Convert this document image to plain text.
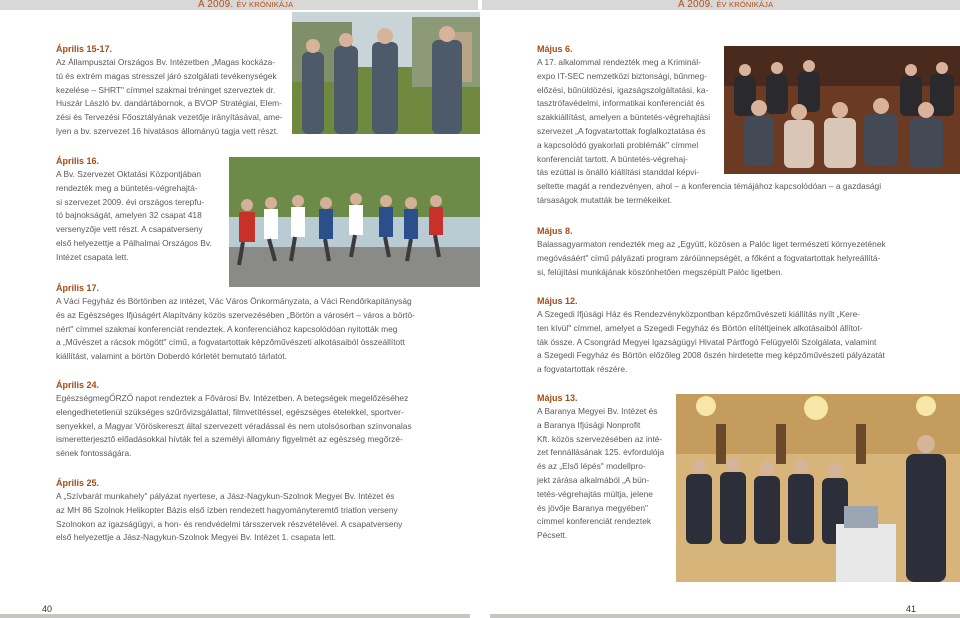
A 2009. ÉV KRÓNIKÁJA	A 2009. ÉV KRÓNIKÁJA
Április 15-17.
Az Állampusztai Országos Bv. Intézetben „Magas kockáza-
tú és extrém magas stresszel járó szolgálati tevékenységek
kezelése – SHRT" címmel szakmai tréninget szerveztek dr.
Huszár László bv. dandártábornok, a BVOP Stratégiai, Elem-
zési és Tervezési Főosztályának vezetője irányításával, ame-
lyen a bv. szervezet 16 hivatásos állományú tagja vett részt.
Április 16.
A Bv. Szervezet Oktatási Központjában
rendezték meg a büntetés-végrehajtá-
si szervezet 2009. évi országos terepfu-
tó bajnokságát, amelyen 32 csapat 418
versenyzője vett részt. A csapatverseny
első helyezettje a Pálhalmai Országos Bv.
Intézet csapata lett.
Április 17.
A Váci Fegyház és Börtönben az intézet, Vác Város Önkormányzata, a Váci Rendőrkapitányság
és az Egészséges Ifjúságért Alapítvány közös szervezésében „Börtön a városért – város a börtö-
nért" címmel szakmai konferenciát rendeztek. A konferenciához kapcsolódóan nyitották meg
a „Művészet a rácsok mögött" című, a fogvatartottak képzőművészeti alkotásaiból összeállított
kiállítást, valamint a börtön Doberdó kórletét bemutató tárlatot.
Április 24.
EgészségmegŐRZŐ napot rendeztek a Fővárosi Bv. Intézetben. A betegségek megelőzéséhez
elengedhetetlenül szükséges szűrővizsgálattal, filmvetítéssel, egészséges ételekkel, sportver-
senyekkel, a Magyar Vöröskereszt által szervezett véradással és nem utolsósorban színvonalas
ismeretterjesztő előadásokkal hívták fel a személyi állomány figyelmét az egészség megőrzé-
sének fontosságára.
Április 25.
A „Szívbarát munkahely" pályázat nyertese, a Jász-Nagykun-Szolnok Megyei Bv. Intézet és
az MH 86 Szolnok Helikopter Bázis első ízben rendezett hagyományteremtő triatlon verseny
Szolnokon az igazságügyi, a hon- és rendvédelmi társszervek részvételével. A csapatverseny
első helyezettje a Jász-Nagykun-Szolnok Megyei Bv. Intézet 1. csapata lett.
40
Május 6.
A 17. alkalommal rendezték meg a Kriminál-
expo IT-SEC nemzetközi biztonsági, bűnmeg-
előzési, bűnüldözési, igazságszolgáltatási, ka-
tasztrófavédelmi, informatikai konferenciát és
szakkiállítást, amelyen a büntetés-végrehajtási
szervezet „A fogvatartottak foglalkoztatása és
a kapcsolódó gyakorlati problémák" címmel
konferenciát tartott. A büntetés-végrehaj-
tás ezúttal is önálló kiállítási standdal képvi-
seltette magát a rendezvényen, ahol – a konferencia témájához kapcsolódóan – a gazdasági
társaságok mutatták be termékeiket.
Május 8.
Balassagyarmaton rendezték meg az „Együtt, közösen a Palóc liget természeti környezetének
megóvásáért" című pályázati program záróünnepségét, a főként a fogvatartottak helyreállítá-
si, felújítási munkájának köszönhetően megszépült Palóc ligetben.
Május 12.
A Szegedi Ifjúsági Ház és Rendezvényközpontban képzőművészeti kiállítás nyílt „Kere-
ten kívül" címmel, amelyet a Szegedi Fegyház és Börtön elítéltjeinek alkotásaiból állítot-
ták össze. A Csongrád Megyei Igazságügyi Hivatal Pártfogó Felügyelői Szolgálata, valamint
a Szegedi Fegyház és Börtön előzőleg 2008 őszén hirdetette meg képzőművészeti pályázatát
a fogvatartottak részére.
Május 13.
A Baranya Megyei Bv. Intézet és
a Baranya Ifjúsági Nonprofit
Kft. közös szervezésében az inté-
zet fennállásának 125. évfordulója
és az „Első lépés" modellpro-
jekt zárása alkalmából „A bün-
tetés-végrehajtás múltja, jelene
és jövője Baranya megyében"
címmel konferenciát rendeztek
Pécsett.
41
